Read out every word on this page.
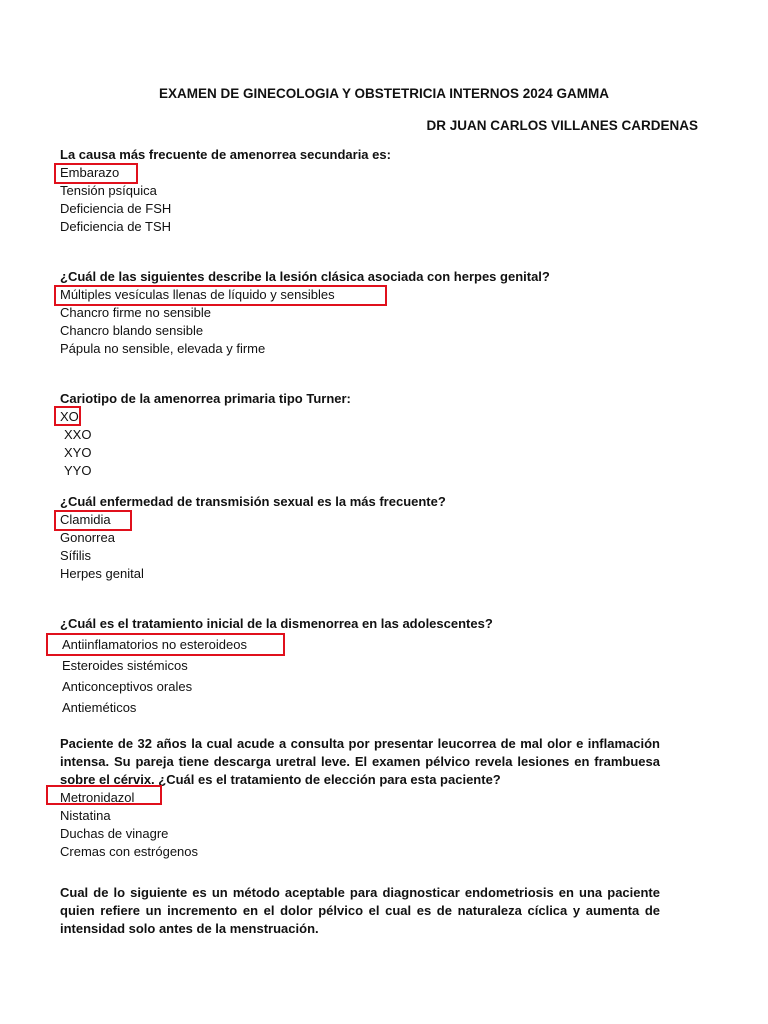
EXAMEN DE GINECOLOGIA Y OBSTETRICIA INTERNOS 2024 GAMMA
DR JUAN CARLOS VILLANES CARDENAS
La causa más frecuente de amenorrea secundaria es:
Embarazo
Tensión psíquica
Deficiencia de FSH
Deficiencia de TSH
¿Cuál de las siguientes describe la lesión clásica asociada con herpes genital?
Múltiples vesículas llenas de líquido y sensibles
Chancro firme no sensible
Chancro blando sensible
Pápula no sensible, elevada y firme
Cariotipo de la amenorrea primaria tipo Turner:
XO
XXO
XYO
YYO
¿Cuál enfermedad de transmisión sexual es la más frecuente?
Clamidia
Gonorrea
Sífilis
Herpes genital
¿Cuál es el tratamiento inicial de la dismenorrea en las adolescentes?
Antiinflamatorios no esteroideos
Esteroides sistémicos
Anticonceptivos orales
Antieméticos
Paciente de 32 años la cual acude a consulta por presentar leucorrea de mal olor e inflamación intensa. Su pareja tiene descarga uretral leve. El examen pélvico revela lesiones en frambuesa sobre el cérvix. ¿Cuál es el tratamiento de elección para esta paciente?
Metronidazol
Nistatina
Duchas de vinagre
Cremas con estrógenos
Cual de lo siguiente es un método aceptable para diagnosticar endometriosis en una paciente quien refiere un incremento en el dolor pélvico el cual es de naturaleza cíclica y aumenta de intensidad solo antes de la menstruación.
